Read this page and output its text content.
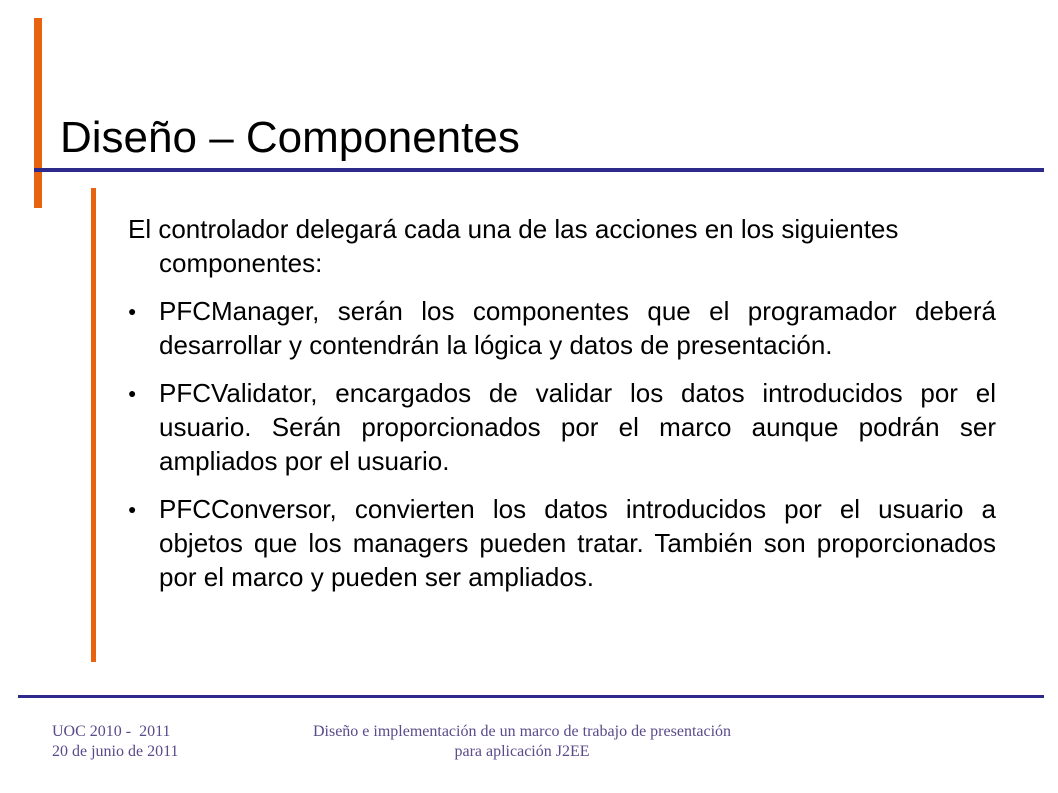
Diseño – Componentes

El controlador delegará cada una de las acciones en los siguientes componentes:

● PFCManager, serán los componentes que el programador deberá desarrollar y contendrán la lógica y datos de presentación.
● PFCValidator, encargados de validar los datos introducidos por el usuario. Serán proporcionados por el marco aunque podrán ser ampliados por el usuario.
● PFCConversor, convierten los datos introducidos por el usuario a objetos que los managers pueden tratar. También son proporcionados por el marco y pueden ser ampliados.
UOC 2010 -  2011
20 de junio de 2011
Diseño e implementación de un marco de trabajo de presentación
para aplicación J2EE
